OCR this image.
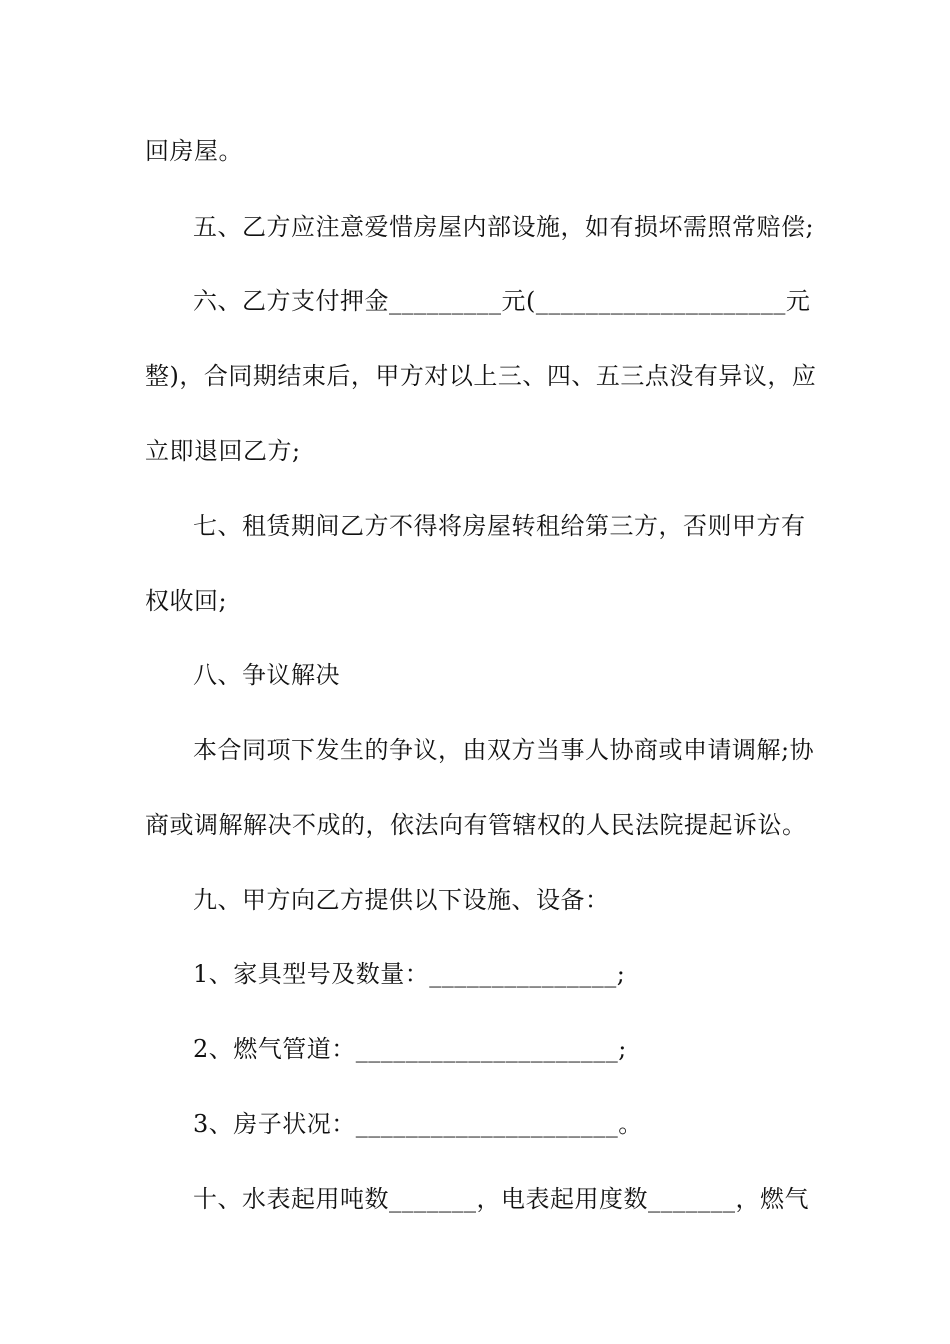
回房屋。
五、乙方应注意爱惜房屋内部设施，如有损坏需照常赔偿;
六、乙方支付押金_________元(____________________元
整)，合同期结束后，甲方对以上三、四、五三点没有异议，应
立即退回乙方;
七、租赁期间乙方不得将房屋转租给第三方，否则甲方有
权收回;
八、争议解决
本合同项下发生的争议，由双方当事人协商或申请调解;协
商或调解解决不成的，依法向有管辖权的人民法院提起诉讼。
九、甲方向乙方提供以下设施、设备：
1、家具型号及数量：_______________;
2、燃气管道：_____________________;
3、房子状况：_____________________。
十、水表起用吨数_______，电表起用度数_______，燃气
